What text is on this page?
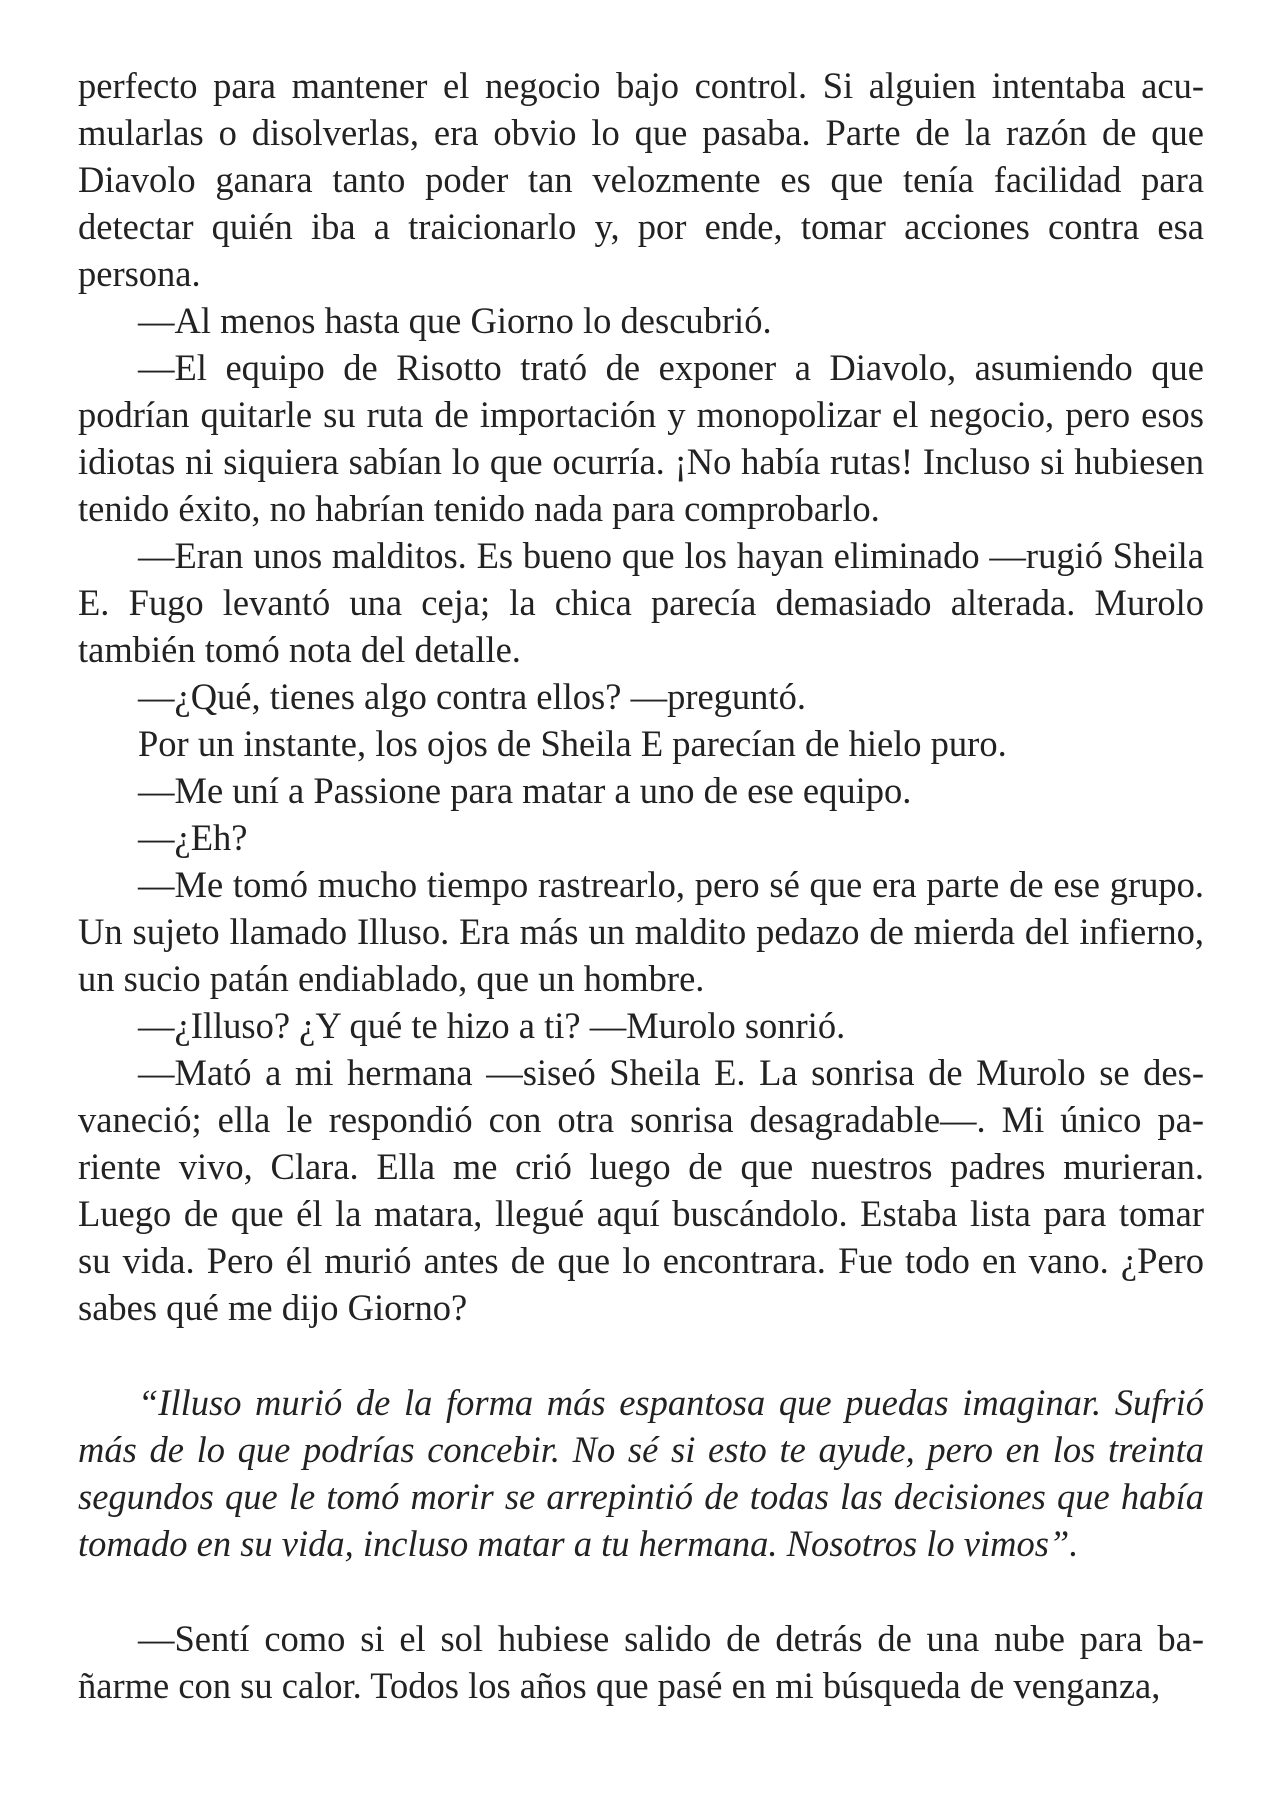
perfecto para mantener el negocio bajo control. Si alguien intentaba acumularlas o disolverlas, era obvio lo que pasaba. Parte de la razón de que Diavolo ganara tanto poder tan velozmente es que tenía facilidad para detectar quién iba a traicionarlo y, por ende, tomar acciones contra esa persona.

—Al menos hasta que Giorno lo descubrió.

—El equipo de Risotto trató de exponer a Diavolo, asumiendo que podrían quitarle su ruta de importación y monopolizar el negocio, pero esos idiotas ni siquiera sabían lo que ocurría. ¡No había rutas! Incluso si hubiesen tenido éxito, no habrían tenido nada para comprobarlo.

—Eran unos malditos. Es bueno que los hayan eliminado —rugió Sheila E. Fugo levantó una ceja; la chica parecía demasiado alterada. Murolo también tomó nota del detalle.

—¿Qué, tienes algo contra ellos? —preguntó.

Por un instante, los ojos de Sheila E parecían de hielo puro.

—Me uní a Passione para matar a uno de ese equipo.

—¿Eh?

—Me tomó mucho tiempo rastrearlo, pero sé que era parte de ese grupo. Un sujeto llamado Illuso. Era más un maldito pedazo de mierda del infierno, un sucio patán endiablado, que un hombre.

—¿Illuso? ¿Y qué te hizo a ti? —Murolo sonrió.

—Mató a mi hermana —siseó Sheila E. La sonrisa de Murolo se desvaneció; ella le respondió con otra sonrisa desagradable—. Mi único pariente vivo, Clara. Ella me crió luego de que nuestros padres murieran. Luego de que él la matara, llegué aquí buscándolo. Estaba lista para tomar su vida. Pero él murió antes de que lo encontrara. Fue todo en vano. ¿Pero sabes qué me dijo Giorno?

“Illuso murió de la forma más espantosa que puedas imaginar. Sufrió más de lo que podrías concebir. No sé si esto te ayude, pero en los treinta segundos que le tomó morir se arrepintió de todas las decisiones que había tomado en su vida, incluso matar a tu hermana. Nosotros lo vimos”.

—Sentí como si el sol hubiese salido de detrás de una nube para bañarme con su calor. Todos los años que pasé en mi búsqueda de venganza,
